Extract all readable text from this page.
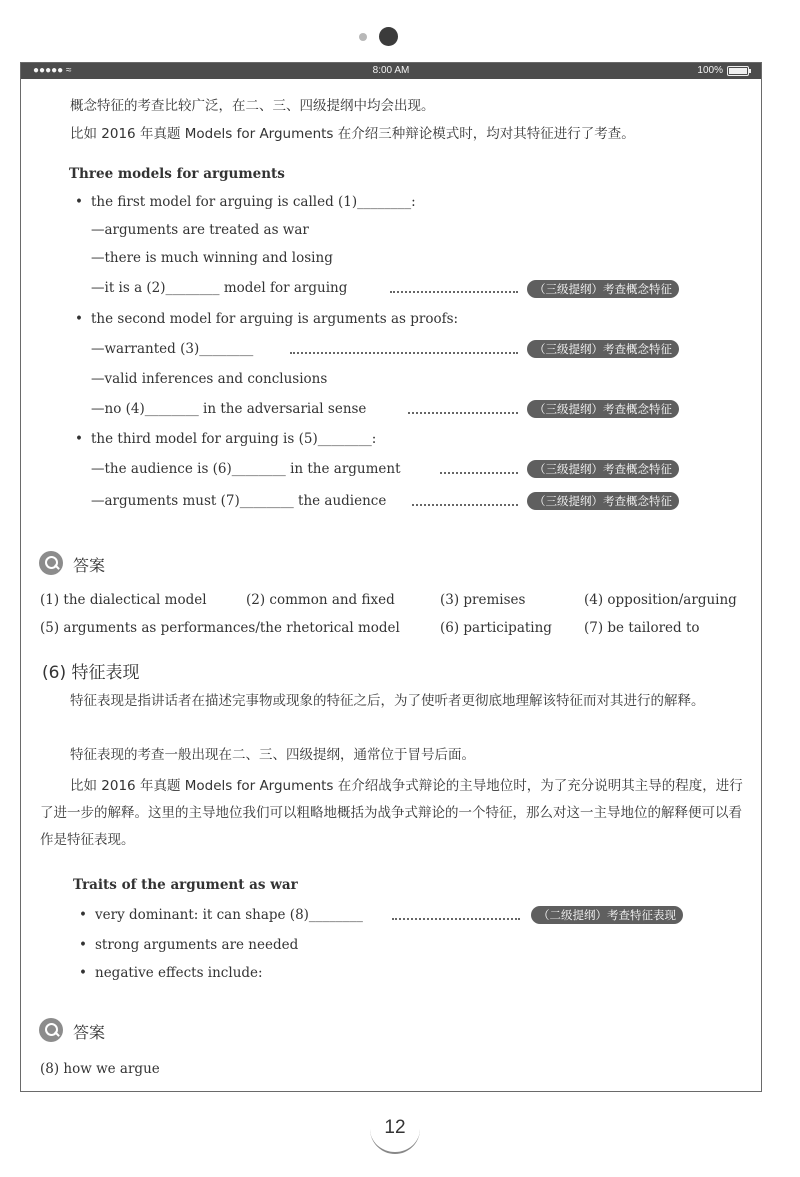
●●●●● ≈	8:00 AM	100%
概念特征的考查比较广泛，在二、三、四级提纲中均会出现。
比如 2016 年真题 Models for Arguments 在介绍三种辩论模式时，均对其特征进行了考查。
Three models for arguments
• the first model for arguing is called (1)________:
—arguments are treated as war
—there is much winning and losing
—it is a (2)________ model for arguing	（三级提纲）考查概念特征
• the second model for arguing is arguments as proofs:
—warranted (3)________	（三级提纲）考查概念特征
—valid inferences and conclusions
—no (4)________ in the adversarial sense	（三级提纲）考查概念特征
• the third model for arguing is (5)________:
—the audience is (6)________ in the argument	（三级提纲）考查概念特征
—arguments must (7)________ the audience	（三级提纲）考查概念特征
答案
(1) the dialectical model	(2) common and fixed	(3) premises	(4) opposition/arguing
(5) arguments as performances/the rhetorical model	(6) participating (7) be tailored to
(6) 特征表现
特征表现是指讲话者在描述完事物或现象的特征之后，为了使听者更彻底地理解该特征而对其进行的解释。
特征表现的考查一般出现在二、三、四级提纲，通常位于冒号后面。
比如 2016 年真题 Models for Arguments 在介绍战争式辩论的主导地位时，为了充分说明其主导的程度，进行了进一步的解释。这里的主导地位我们可以粗略地概括为战争式辩论的一个特征，那么对这一主导地位的解释便可以看作是特征表现。
Traits of the argument as war
• very dominant: it can shape (8)________	（二级提纲）考查特征表现
• strong arguments are needed
• negative effects include:
答案
(8) how we argue
12
